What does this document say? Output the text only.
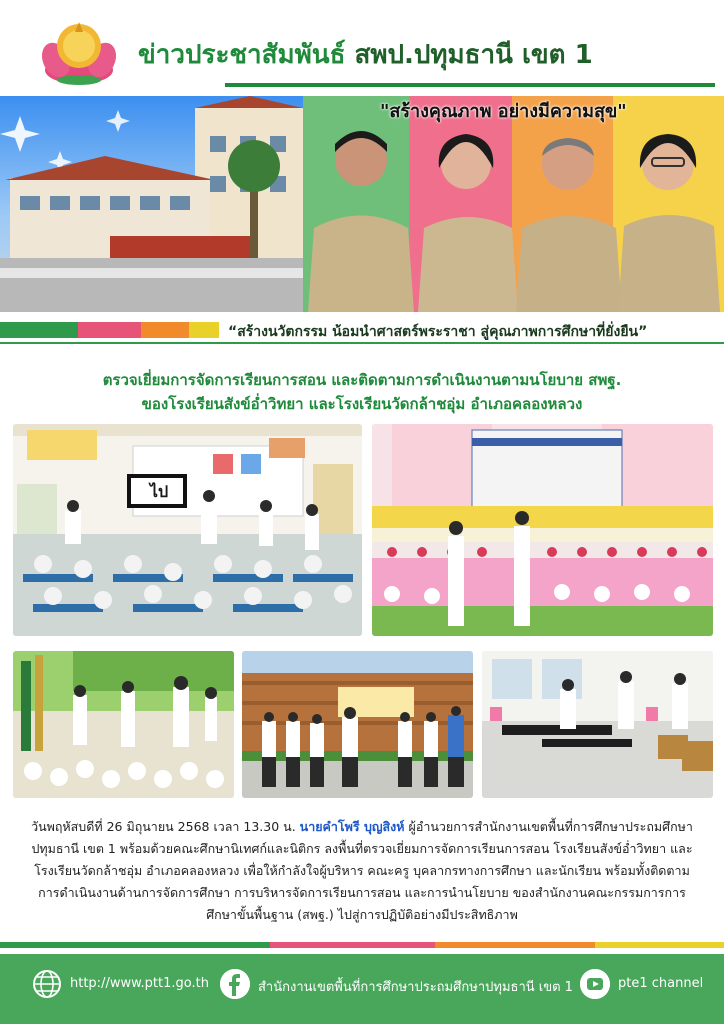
ข่าวประชาสัมพันธ์ สพป.ปทุมธานี เขต 1
"สร้างคุณภาพ อย่างมีความสุข"
“สร้างนวัตกรรม น้อมนำศาสตร์พระราชา สู่คุณภาพการศึกษาที่ยั่งยืน”
ตรวจเยี่ยมการจัดการเรียนการสอน และติดตามการดำเนินงานตามนโยบาย สพฐ.
ของโรงเรียนสังข์อ่ำวิทยา และโรงเรียนวัดกล้าชอุ่ม อำเภอคลองหลวง
ไป
วันพฤหัสบดีที่ 26 มิถุนายน 2568 เวลา 13.30 น. นายคำโพรี บุญสิงห์ ผู้อำนวยการสำนักงานเขตพื้นที่การศึกษาประถมศึกษาปทุมธานี เขต 1 พร้อมด้วยคณะศึกษานิเทศก์และนิติกร ลงพื้นที่ตรวจเยี่ยมการจัดการเรียนการสอน โรงเรียนสังข์อ่ำวิทยา และโรงเรียนวัดกล้าชอุ่ม อำเภอคลองหลวง เพื่อให้กำลังใจผู้บริหาร คณะครู บุคลากรทางการศึกษา และนักเรียน พร้อมทั้งติดตามการดำเนินงานด้านการจัดการศึกษา การบริหารจัดการเรียนการสอน และการนำนโยบาย ของสำนักงานคณะกรรมการการศึกษาขั้นพื้นฐาน (สพฐ.) ไปสู่การปฏิบัติอย่างมีประสิทธิภาพ
http://www.ptt1.go.th	สำนักงานเขตพื้นที่การศึกษาประถมศึกษาปทุมธานี เขต 1	pte1 channel
